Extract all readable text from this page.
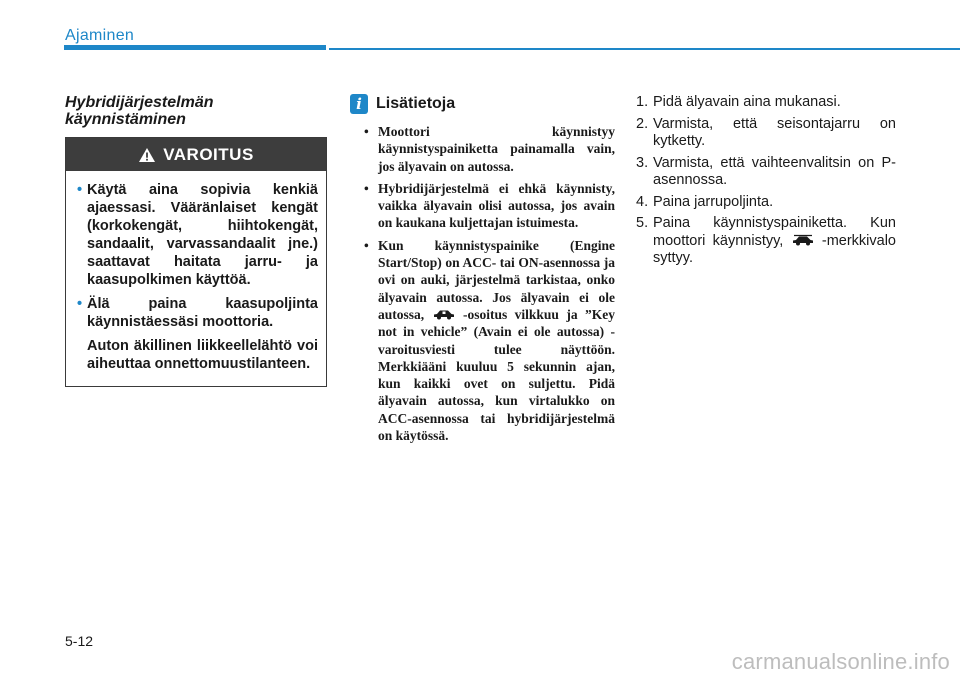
Ajaminen
Hybridijärjestelmän käynnistäminen
VAROITUS
• Käytä aina sopivia kenkiä ajaessasi. Vääränlaiset kengät (korkokengät, hiihtokengät, sandaalit, varvassandaalit jne.) saattavat haitata jarru- ja kaasupolkimen käyttöä.
• Älä paina kaasupoljinta käynnistäessäsi moottoria.
Auton äkillinen liikkeellelähtö voi aiheuttaa onnettomuustilanteen.
i Lisätietoja
• Moottori käynnistyy käynnistyspainiketta painamalla vain, jos älyavain on autossa.
• Hybridijärjestelmä ei ehkä käynnisty, vaikka älyavain olisi autossa, jos avain on kaukana kuljettajan istuimesta.
• Kun käynnistyspainike (Engine Start/Stop) on ACC- tai ON-asennossa ja ovi on auki, järjestelmä tarkistaa, onko älyavain autossa. Jos älyavain ei ole autossa,	-osoitus vilkkuu ja ”Key not in vehicle” (Avain ei ole autossa) -varoitusviesti tulee näyttöön. Merkkiääni kuuluu 5 sekunnin ajan, kun kaikki ovet on suljettu. Pidä älyavain autossa, kun virtalukko on ACC-asennossa tai hybridijärjestelmä on käytössä.
1. Pidä älyavain aina mukanasi.
2. Varmista, että seisontajarru on kytketty.
3. Varmista, että vaihteenvalitsin on P-asennossa.
4. Paina jarrupoljinta.
5. Paina käynnistyspainiketta. Kun moottori käynnistyy,	-merkkivalo syttyy.
5-12
carmanualsonline.info
